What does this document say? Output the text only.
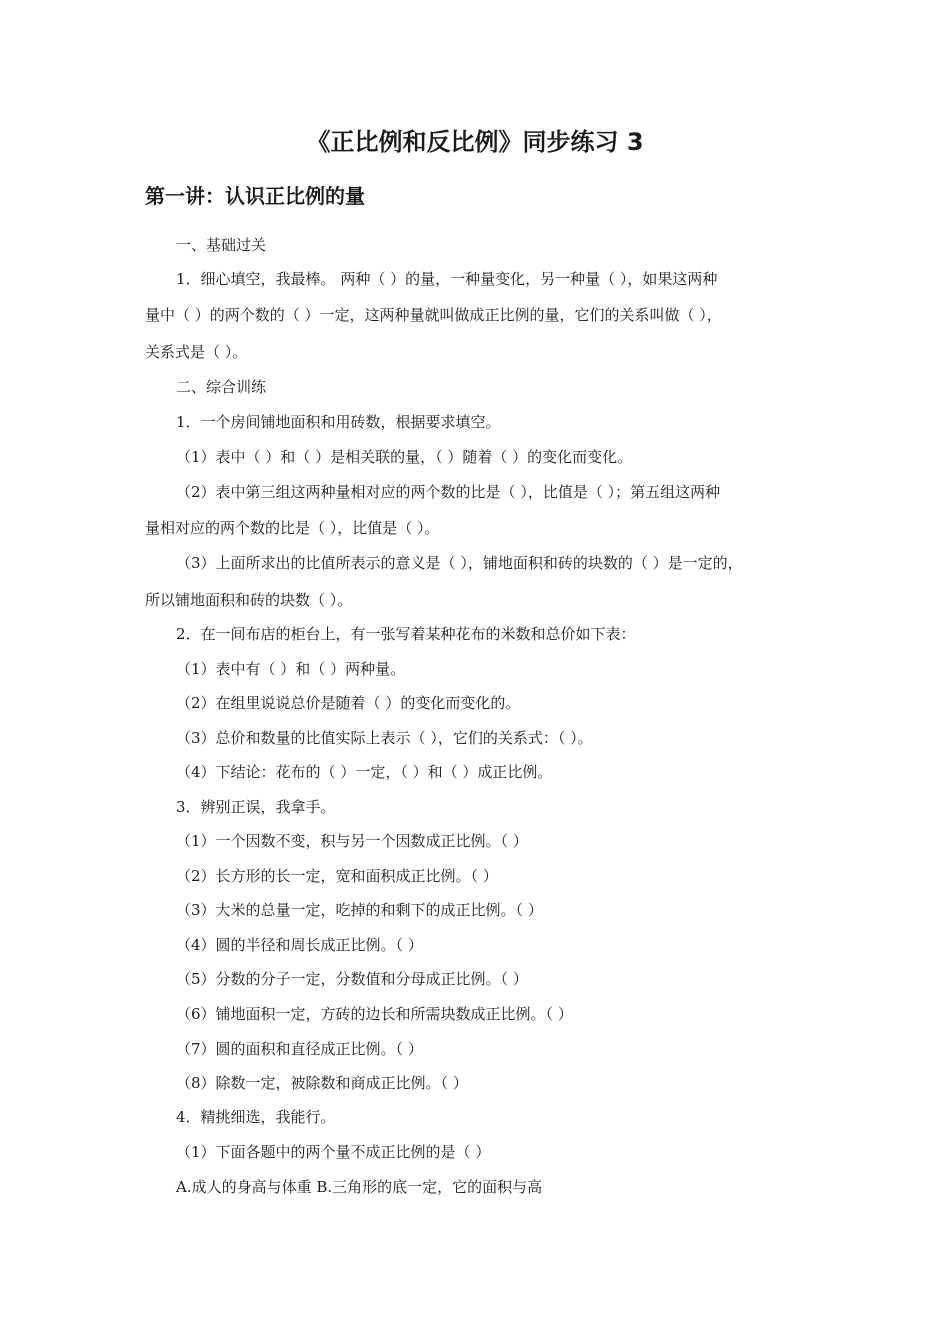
《正比例和反比例》同步练习 3
第一讲：认识正比例的量
一、基础过关
1．细心填空，我最棒。 两种（ ）的量，一种量变化，另一种量（ ），如果这两种
量中（ ）的两个数的（ ）一定，这两种量就叫做成正比例的量，它们的关系叫做（ ），
关系式是（ ）。
二、综合训练
1．一个房间铺地面积和用砖数，根据要求填空。
（1）表中（ ）和（ ）是相关联的量，（ ）随着（ ）的变化而变化。
（2）表中第三组这两种量相对应的两个数的比是（ ），比值是（ ）；第五组这两种
量相对应的两个数的比是（ ），比值是（ ）。
（3）上面所求出的比值所表示的意义是（ ），铺地面积和砖的块数的（ ）是一定的，
所以铺地面积和砖的块数（ ）。
2．在一间布店的柜台上，有一张写着某种花布的米数和总价如下表：
（1）表中有（ ）和（ ）两种量。
（2）在组里说说总价是随着（ ）的变化而变化的。
（3）总价和数量的比值实际上表示（ ），它们的关系式：（ ）。
（4）下结论：花布的（ ）一定，（ ）和（ ）成正比例。
3．辨别正误，我拿手。
（1）一个因数不变，积与另一个因数成正比例。（ ）
（2）长方形的长一定，宽和面积成正比例。（ ）
（3）大米的总量一定，吃掉的和剩下的成正比例。（ ）
（4）圆的半径和周长成正比例。（ ）
（5）分数的分子一定，分数值和分母成正比例。（ ）
（6）铺地面积一定，方砖的边长和所需块数成正比例。（ ）
（7）圆的面积和直径成正比例。（ ）
（8）除数一定，被除数和商成正比例。（ ）
4．精挑细选，我能行。
（1）下面各题中的两个量不成正比例的是（ ）
A.成人的身高与体重 B.三角形的底一定，它的面积与高
